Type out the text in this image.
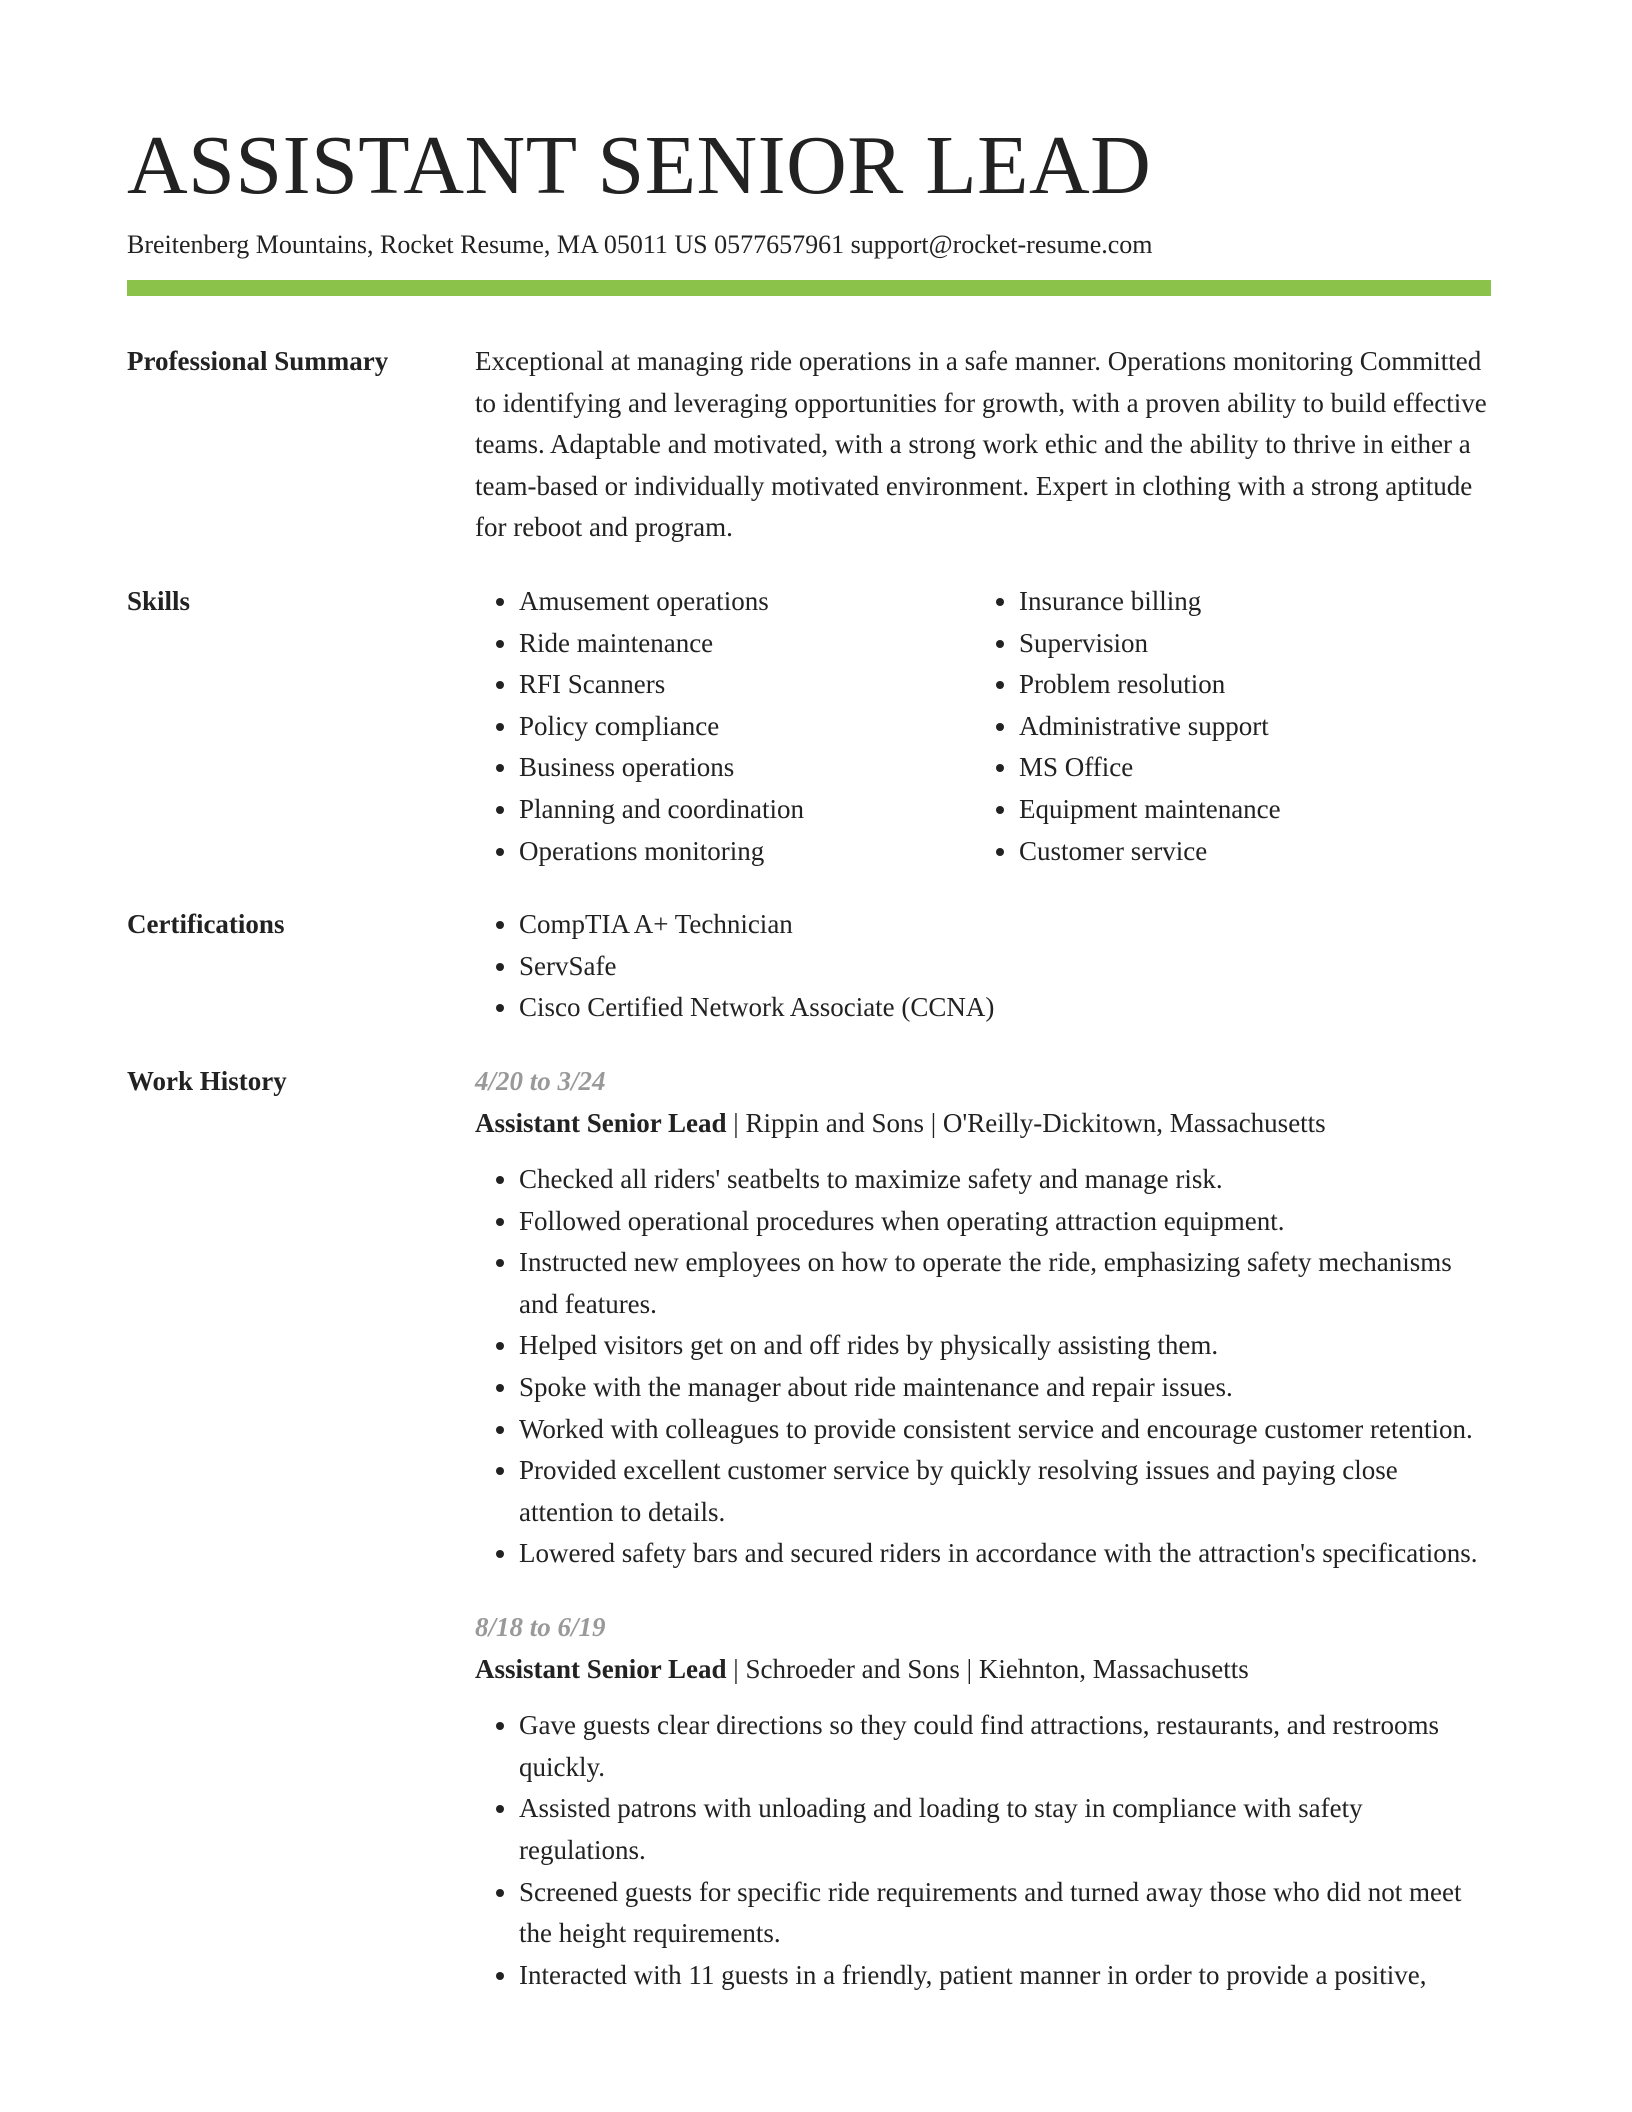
ASSISTANT SENIOR LEAD
Breitenberg Mountains, Rocket Resume, MA 05011 US 0577657961 support@rocket-resume.com
Professional Summary	Exceptional at managing ride operations in a safe manner. Operations monitoring Committed to identifying and leveraging opportunities for growth, with a proven ability to build effective teams. Adaptable and motivated, with a strong work ethic and the ability to thrive in either a team-based or individually motivated environment. Expert in clothing with a strong aptitude for reboot and program.

Skills	• Amusement operations
• Ride maintenance
• RFI Scanners
• Policy compliance
• Business operations
• Planning and coordination
• Operations monitoring
• Insurance billing
• Supervision
• Problem resolution
• Administrative support
• MS Office
• Equipment maintenance
• Customer service
Certifications	• CompTIA A+ Technician
• ServSafe
• Cisco Certified Network Associate (CCNA)
Work History	4/20 to 3/24
Assistant Senior Lead | Rippin and Sons | O'Reilly-Dickitown, Massachusetts
• Checked all riders' seatbelts to maximize safety and manage risk.
• Followed operational procedures when operating attraction equipment.
• Instructed new employees on how to operate the ride, emphasizing safety mechanisms and features.
• Helped visitors get on and off rides by physically assisting them.
• Spoke with the manager about ride maintenance and repair issues.
• Worked with colleagues to provide consistent service and encourage customer retention.
• Provided excellent customer service by quickly resolving issues and paying close attention to details.
• Lowered safety bars and secured riders in accordance with the attraction's specifications.
8/18 to 6/19
Assistant Senior Lead | Schroeder and Sons | Kiehnton, Massachusetts
• Gave guests clear directions so they could find attractions, restaurants, and restrooms quickly.
• Assisted patrons with unloading and loading to stay in compliance with safety regulations.
• Screened guests for specific ride requirements and turned away those who did not meet the height requirements.
• Interacted with 11 guests in a friendly, patient manner in order to provide a positive,
